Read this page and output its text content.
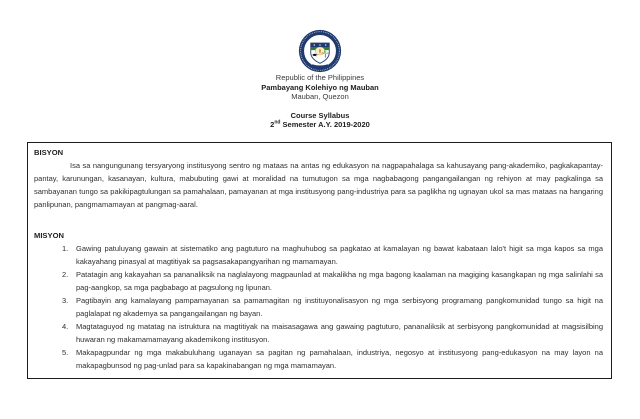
Republic of the Philippines
Pambayang Kolehiyo ng Mauban
Mauban, Quezon
Course Syllabus
2nd Semester A.Y. 2019-2020
BISYON

Isa sa nangungunang tersyaryong institusyong sentro ng mataas na antas ng edukasyon na nagpapahalaga sa kahusayang pang-akademiko, pagkakapantay-pantay, karunungan, kasanayan, kultura, mabubuting gawi at moralidad na tumutugon sa mga nagbabagong pangangailangan ng rehiyon at may pagkalinga sa sambayanan tungo sa pakikipagtulungan sa pamahalaan, pamayanan at mga institusyong pang-industriya para sa paglikha ng ugnayan ukol sa mas mataas na hangaring panlipunan, pangmamamayan at pangmag-aaral.

MISYON
1. Gawing patuluyang gawain at sistematiko ang pagtuturo na maghuhubog sa pagkatao at kamalayan ng bawat kabataan lalo't higit sa mga kapos sa mga kakayahang pinasyal at magtitiyak sa pagsasakapangyarihan ng mamamayan.
2. Patatagin ang kakayahan sa pananaliksik na naglalayong magpaunlad at makalikha ng mga bagong kaalaman na magiging kasangkapan ng mga salinlahi sa pag-aangkop, sa mga pagbabago at pagsulong ng lipunan.
3. Pagtibayin ang kamalayang pampamayanan sa pamamagitan ng instituyonalisasyon ng mga serbisyong programang pangkomunidad tungo sa higit na paglalapat ng akademya sa pangangailangan ng bayan.
4. Magtataguyod ng matatag na istruktura na magtitiyak na maisasagawa ang gawaing pagtuturo, pananaliksik at serbisyong pangkomunidad at magsisilbing huwaran ng makamamamayang akademikong institusyon.
5. Makapagpundar ng mga makabuluhang uganayan sa pagitan ng pamahalaan, industriya, negosyo at institusyong pang-edukasyon na may layon na makapagbunsod ng pag-unlad para sa kapakinabangan ng mga mamamayan.
